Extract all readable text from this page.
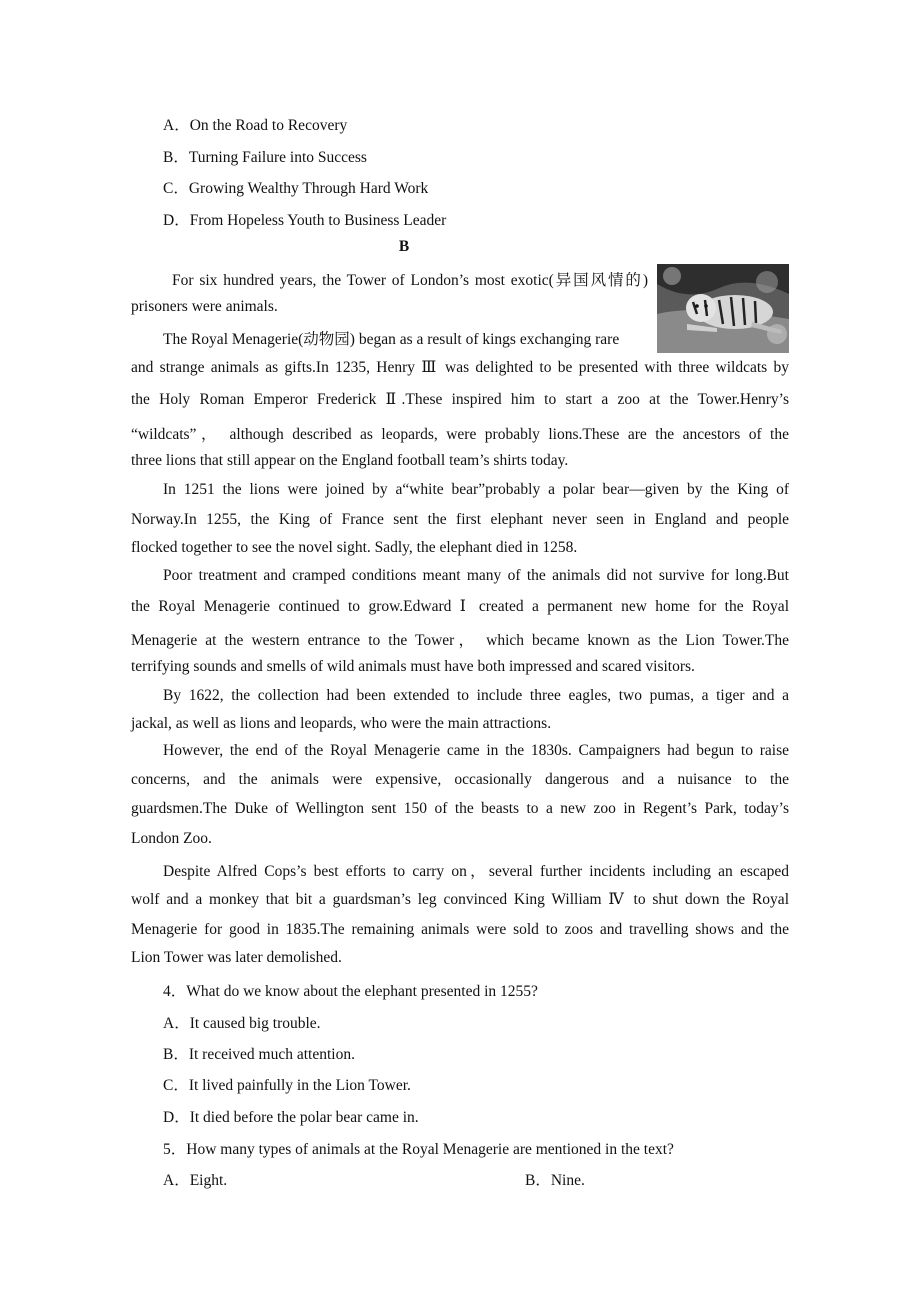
A．On the Road to Recovery
B．Turning Failure into Success
C．Growing Wealthy Through Hard Work
D．From Hopeless Youth to Business Leader
B
For six hundred years, the Tower of London’s most exotic(异国风情的)
prisoners were animals.
The Royal Menagerie(动物园) began as a result of kings exchanging rare
and strange animals as gifts.In 1235, Henry Ⅲ was delighted to be presented with three wildcats by
the Holy Roman Emperor Frederick Ⅱ.These inspired him to start a zoo at the Tower.Henry’s
“wildcats”， although described as leopards, were probably lions.These are the ancestors of the
three lions that still appear on the England football team’s shirts today.
In 1251 the lions were joined by a“white bear”probably a polar bear—given by the King of
Norway.In 1255, the King of France sent the first elephant never seen in England and people
flocked together to see the novel sight. Sadly, the elephant died in 1258.
Poor treatment and cramped conditions meant many of the animals did not survive for long.But
the Royal Menagerie continued to grow.Edward Ⅰ created a permanent new home for the Royal
Menagerie at the western entrance to the Tower， which became known as the Lion Tower.The
terrifying sounds and smells of wild animals must have both impressed and scared visitors.
By 1622, the collection had been extended to include three eagles, two pumas, a tiger and a
jackal, as well as lions and leopards, who were the main attractions.
However, the end of the Royal Menagerie came in the 1830s. Campaigners had begun to raise
concerns, and the animals were expensive, occasionally dangerous and a nuisance to the
guardsmen.The Duke of Wellington sent 150 of the beasts to a new zoo in Regent’s Park, today’s
London Zoo.
Despite Alfred Cops’s best efforts to carry on，several further incidents including an escaped
wolf and a monkey that bit a guardsman’s leg convinced King William Ⅳ to shut down the Royal
Menagerie for good in 1835.The remaining animals were sold to zoos and travelling shows and the
Lion Tower was later demolished.
4．What do we know about the elephant presented in 1255?
A．It caused big trouble.
B．It received much attention.
C．It lived painfully in the Lion Tower.
D．It died before the polar bear came in.
5．How many types of animals at the Royal Menagerie are mentioned in the text?
A．Eight.	B．Nine.
